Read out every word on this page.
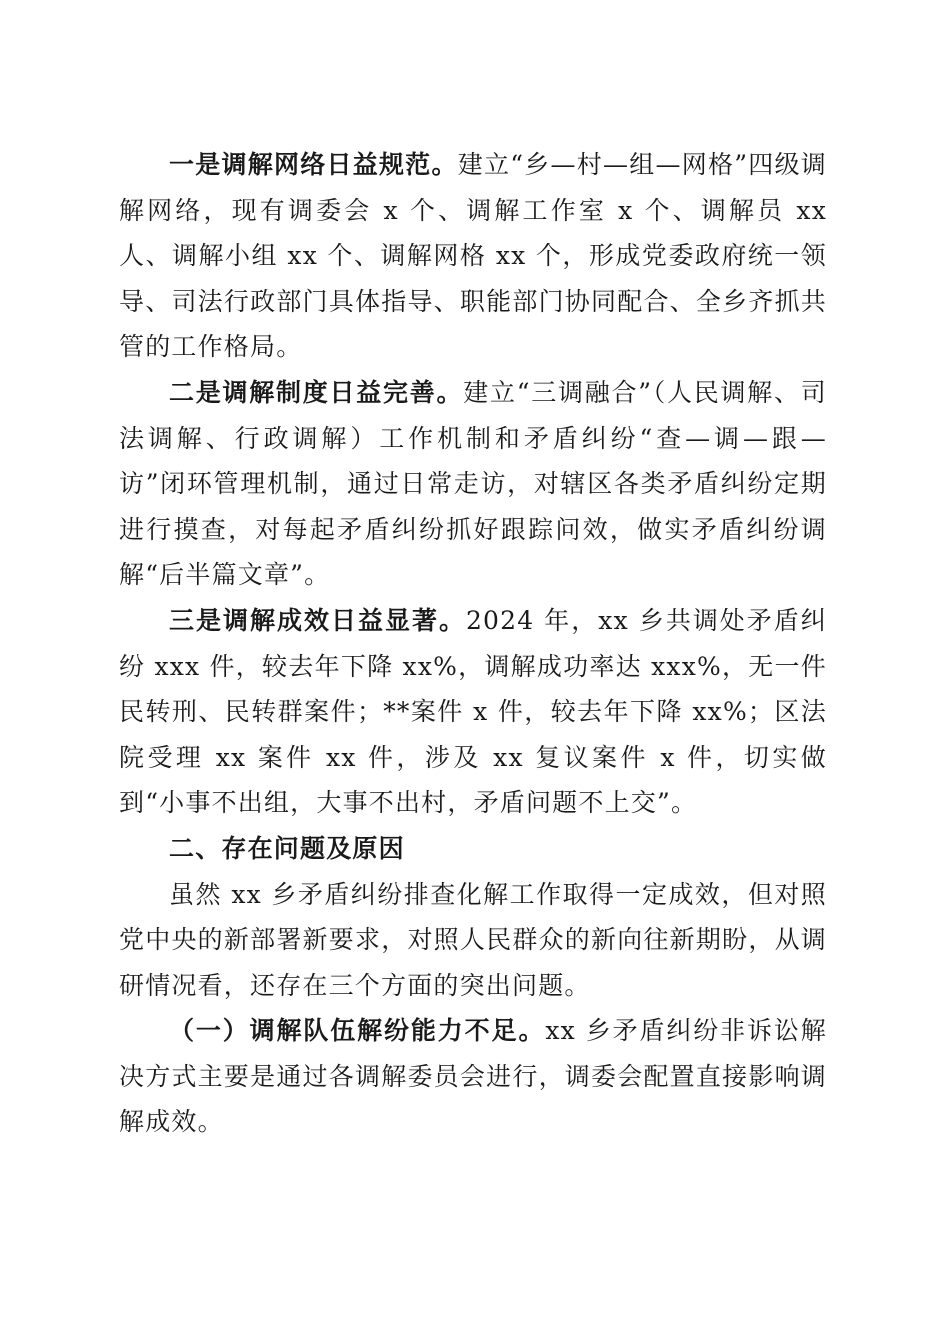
一是调解网络日益规范。建立“乡—村—组—网格”四级调解网络，现有调委会 x 个、调解工作室 x 个、调解员 xx 人、调解小组 xx 个、调解网格 xx 个，形成党委政府统一领导、司法行政部门具体指导、职能部门协同配合、全乡齐抓共管的工作格局。

二是调解制度日益完善。建立“三调融合”（人民调解、司法调解、行政调解）工作机制和矛盾纠纷“查—调—跟—访”闭环管理机制，通过日常走访，对辖区各类矛盾纠纷定期进行摸查，对每起矛盾纠纷抓好跟踪问效，做实矛盾纠纷调解“后半篇文章”。

三是调解成效日益显著。2024 年，xx 乡共调处矛盾纠纷 xxx 件，较去年下降 xx%，调解成功率达 xxx%，无一件民转刑、民转群案件；**案件 x 件，较去年下降 xx%；区法院受理 xx 案件 xx 件，涉及 xx 复议案件 x 件，切实做到“小事不出组，大事不出村，矛盾问题不上交”。

二、存在问题及原因

虽然 xx 乡矛盾纠纷排查化解工作取得一定成效，但对照党中央的新部署新要求，对照人民群众的新向往新期盼，从调研情况看，还存在三个方面的突出问题。

（一）调解队伍解纷能力不足。xx 乡矛盾纠纷非诉讼解决方式主要是通过各调解委员会进行，调委会配置直接影响调解成效。
